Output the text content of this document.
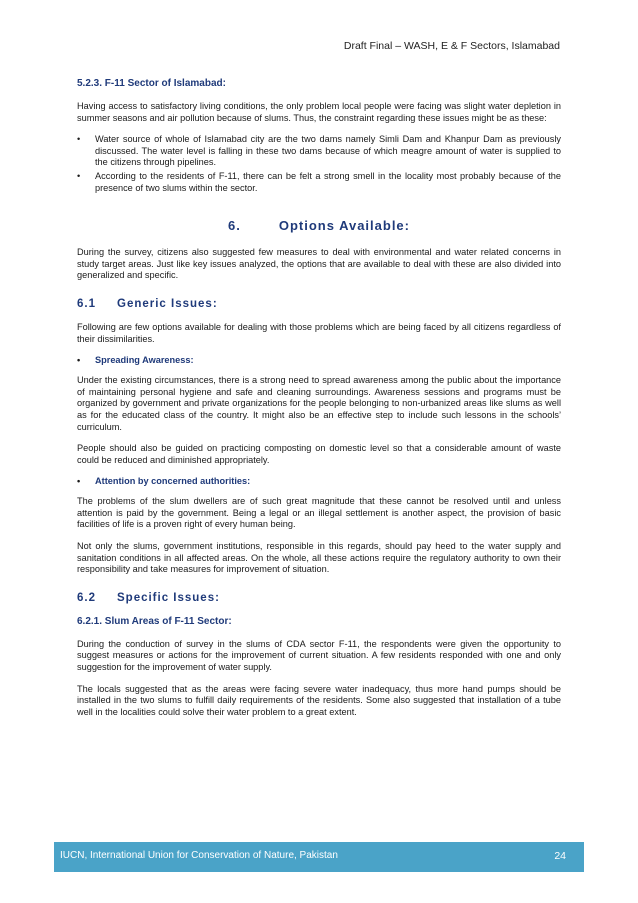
Draft Final – WASH, E & F Sectors, Islamabad
5.2.3. F-11 Sector of Islamabad:

Having access to satisfactory living conditions, the only problem local people were facing was slight water depletion in summer seasons and air pollution because of slums. Thus, the constraint regarding these issues might be as these:

• Water source of whole of Islamabad city are the two dams namely Simli Dam and Khanpur Dam as previously discussed. The water level is falling in these two dams because of which meagre amount of water is supplied to the citizens through pipelines.
• According to the residents of F-11, there can be felt a strong smell in the locality most probably because of the presence of two slums within the sector.
6.	Options Available:

During the survey, citizens also suggested few measures to deal with environmental and water related concerns in study target areas. Just like key issues analyzed, the options that are available to deal with these are also divided into generalized and specific.

6.1 Generic Issues:

Following are few options available for dealing with those problems which are being faced by all citizens regardless of their dissimilarities.

• Spreading Awareness:

Under the existing circumstances, there is a strong need to spread awareness among the public about the importance of maintaining personal hygiene and safe and cleaning surroundings. Awareness sessions and programs must be organized by government and private organizations for the people belonging to non-urbanized areas like slums as well as for the educated class of the country. It might also be an effective step to include such lessons in the schools’ curriculum.

People should also be guided on practicing composting on domestic level so that a considerable amount of waste could be reduced and diminished appropriately.

• Attention by concerned authorities:

The problems of the slum dwellers are of such great magnitude that these cannot be resolved until and unless attention is paid by the government. Being a legal or an illegal settlement is another aspect, the provision of basic facilities of life is a proven right of every human being.

Not only the slums, government institutions, responsible in this regards, should pay heed to the water supply and sanitation conditions in all affected areas. On the whole, all these actions require the regulatory authority to own their responsibility and take measures for improvement of situation.

6.2 Specific Issues:
6.2.1. Slum Areas of F-11 Sector:

During the conduction of survey in the slums of CDA sector F-11, the respondents were given the opportunity to suggest measures or actions for the improvement of current situation. A few residents responded with one and only suggestion for the improvement of water supply.

The locals suggested that as the areas were facing severe water inadequacy, thus more hand pumps should be installed in the two slums to fulfill daily requirements of the residents. Some also suggested that installation of a tube well in the localities could solve their water problem to a great extent.

IUCN, International Union for Conservation of Nature, Pakistan	24
